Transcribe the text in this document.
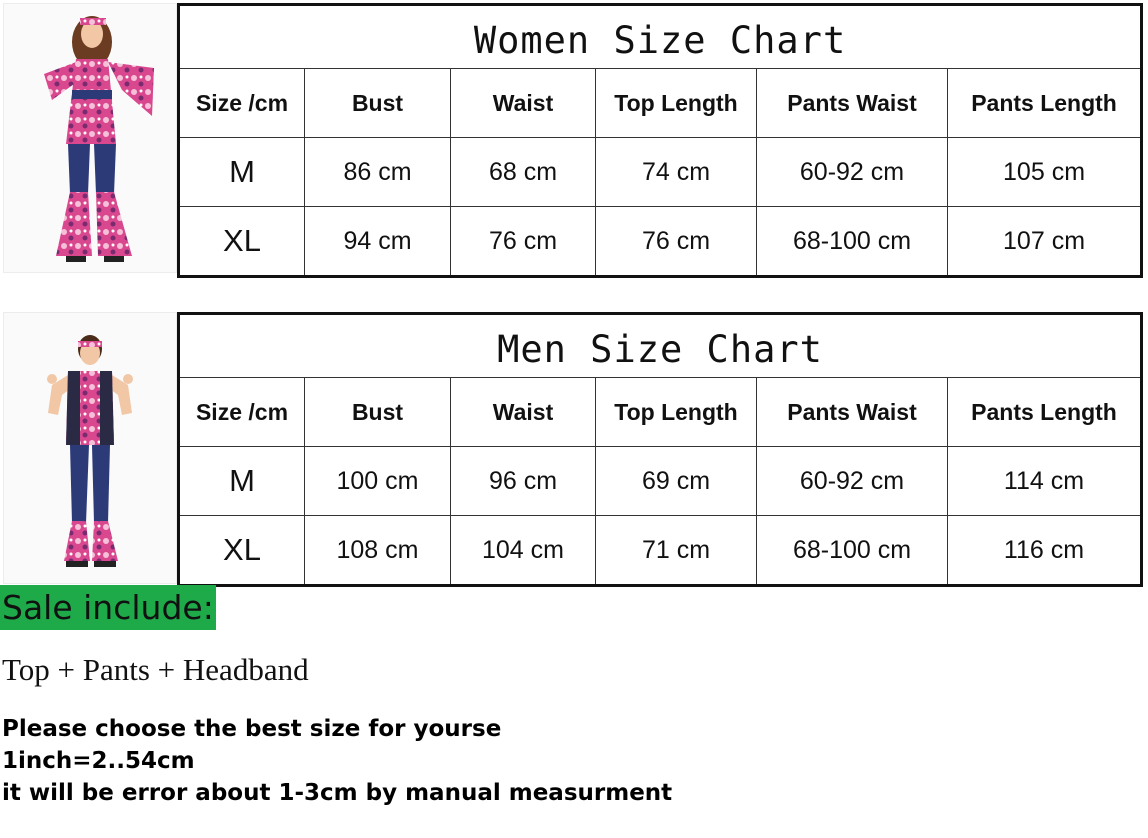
Women Size Chart					
Size /cm	Bust	Waist	Top Length	Pants Waist	Pants Length
M	86 cm	68 cm	74 cm	60-92 cm	105 cm
XL	94 cm	76 cm	76 cm	68-100 cm	107 cm
Men Size Chart					
Size /cm	Bust	Waist	Top Length	Pants Waist	Pants Length
M	100 cm	96 cm	69 cm	60-92 cm	114 cm
XL	108 cm	104 cm	71 cm	68-100 cm	116 cm
Sale include:
Top + Pants + Headband
Please choose the best size for yourse
1inch=2..54cm
it will be error about 1-3cm by manual measurment
